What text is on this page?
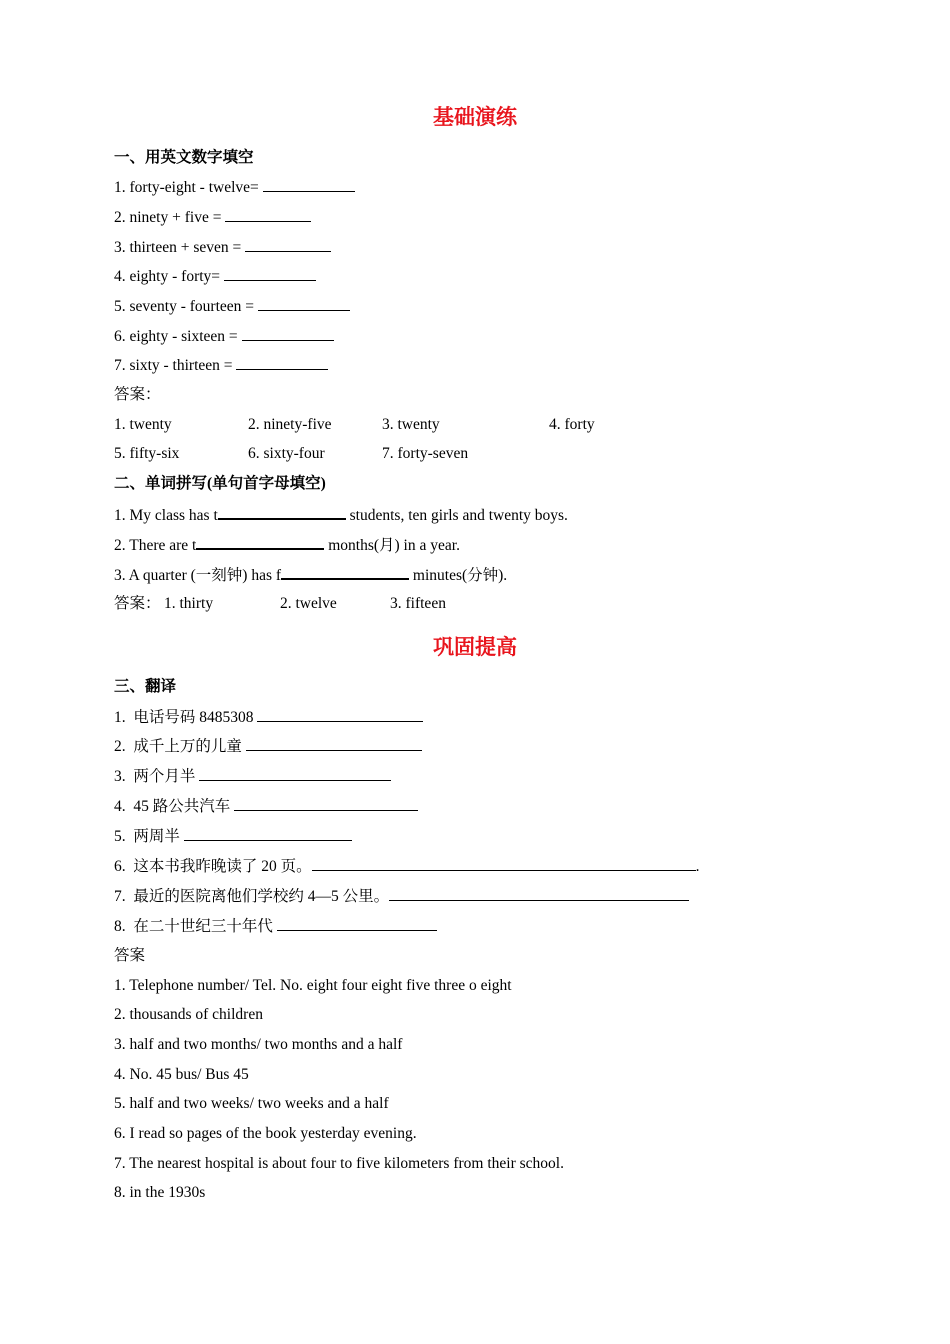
基础演练
一、用英文数字填空
1. forty-eight - twelve=
2. ninety + five =
3. thirteen + seven =
4. eighty - forty=
5. seventy - fourteen =
6. eighty - sixteen =
7. sixty - thirteen =
答案：
1. twenty	2. ninety-five	3. twenty	4. forty
5. fifty-six	6. sixty-four	7. forty-seven
二、单词拼写(单句首字母填空)
1. My class has t	students, ten girls and twenty boys.
2. There are t	months(月) in a year.
3. A quarter (一刻钟) has f	minutes(分钟).
答案： 1. thirty	2. twelve	3. fifteen
巩固提高
三、翻译
1.  电话号码 8485308
2.  成千上万的儿童
3.  两个月半
4.  45 路公共汽车
5.  两周半
6.  这本书我昨晚读了 20 页。	.
7.  最近的医院离他们学校约 4—5 公里。
8.  在二十世纪三十年代
答案
1. Telephone number/ Tel. No. eight four eight five three o eight
2. thousands of children
3. half and two months/ two months and a half
4. No. 45 bus/ Bus 45
5. half and two weeks/ two weeks and a half
6. I read so pages of the book yesterday evening.
7. The nearest hospital is about four to five kilometers from their school.
8. in the 1930s
